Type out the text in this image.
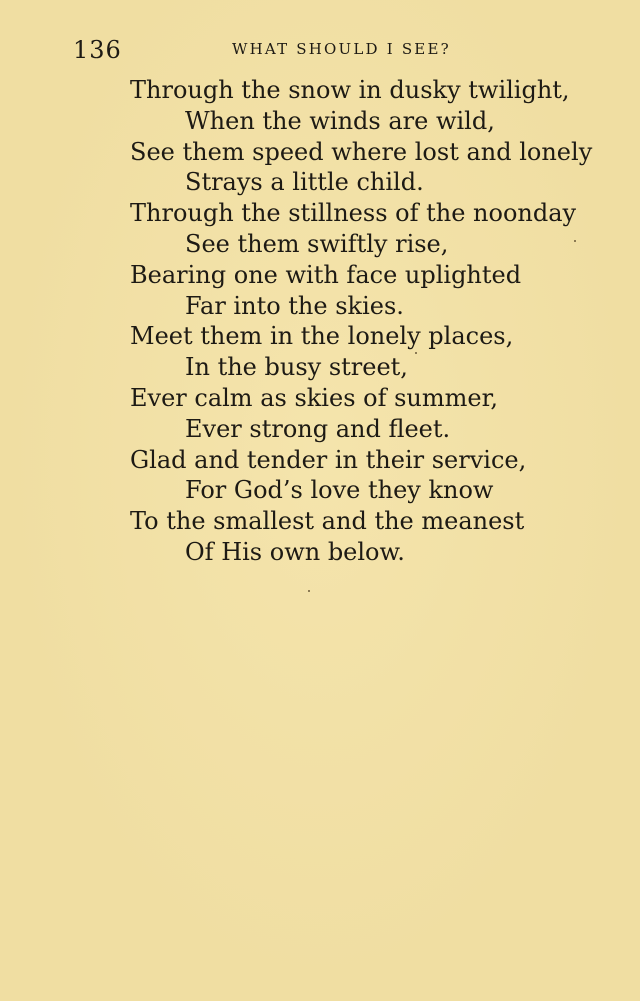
136	WHAT SHOULD I SEE?
Through the snow in dusky twilight,
When the winds are wild,
See them speed where lost and lonely
Strays a little child.
Through the stillness of the noonday
See them swiftly rise,
Bearing one with face uplighted
Far into the skies.
Meet them in the lonely places,
In the busy street,
Ever calm as skies of summer,
Ever strong and fleet.
Glad and tender in their service,
For God’s love they know
To the smallest and the meanest
Of His own below.
